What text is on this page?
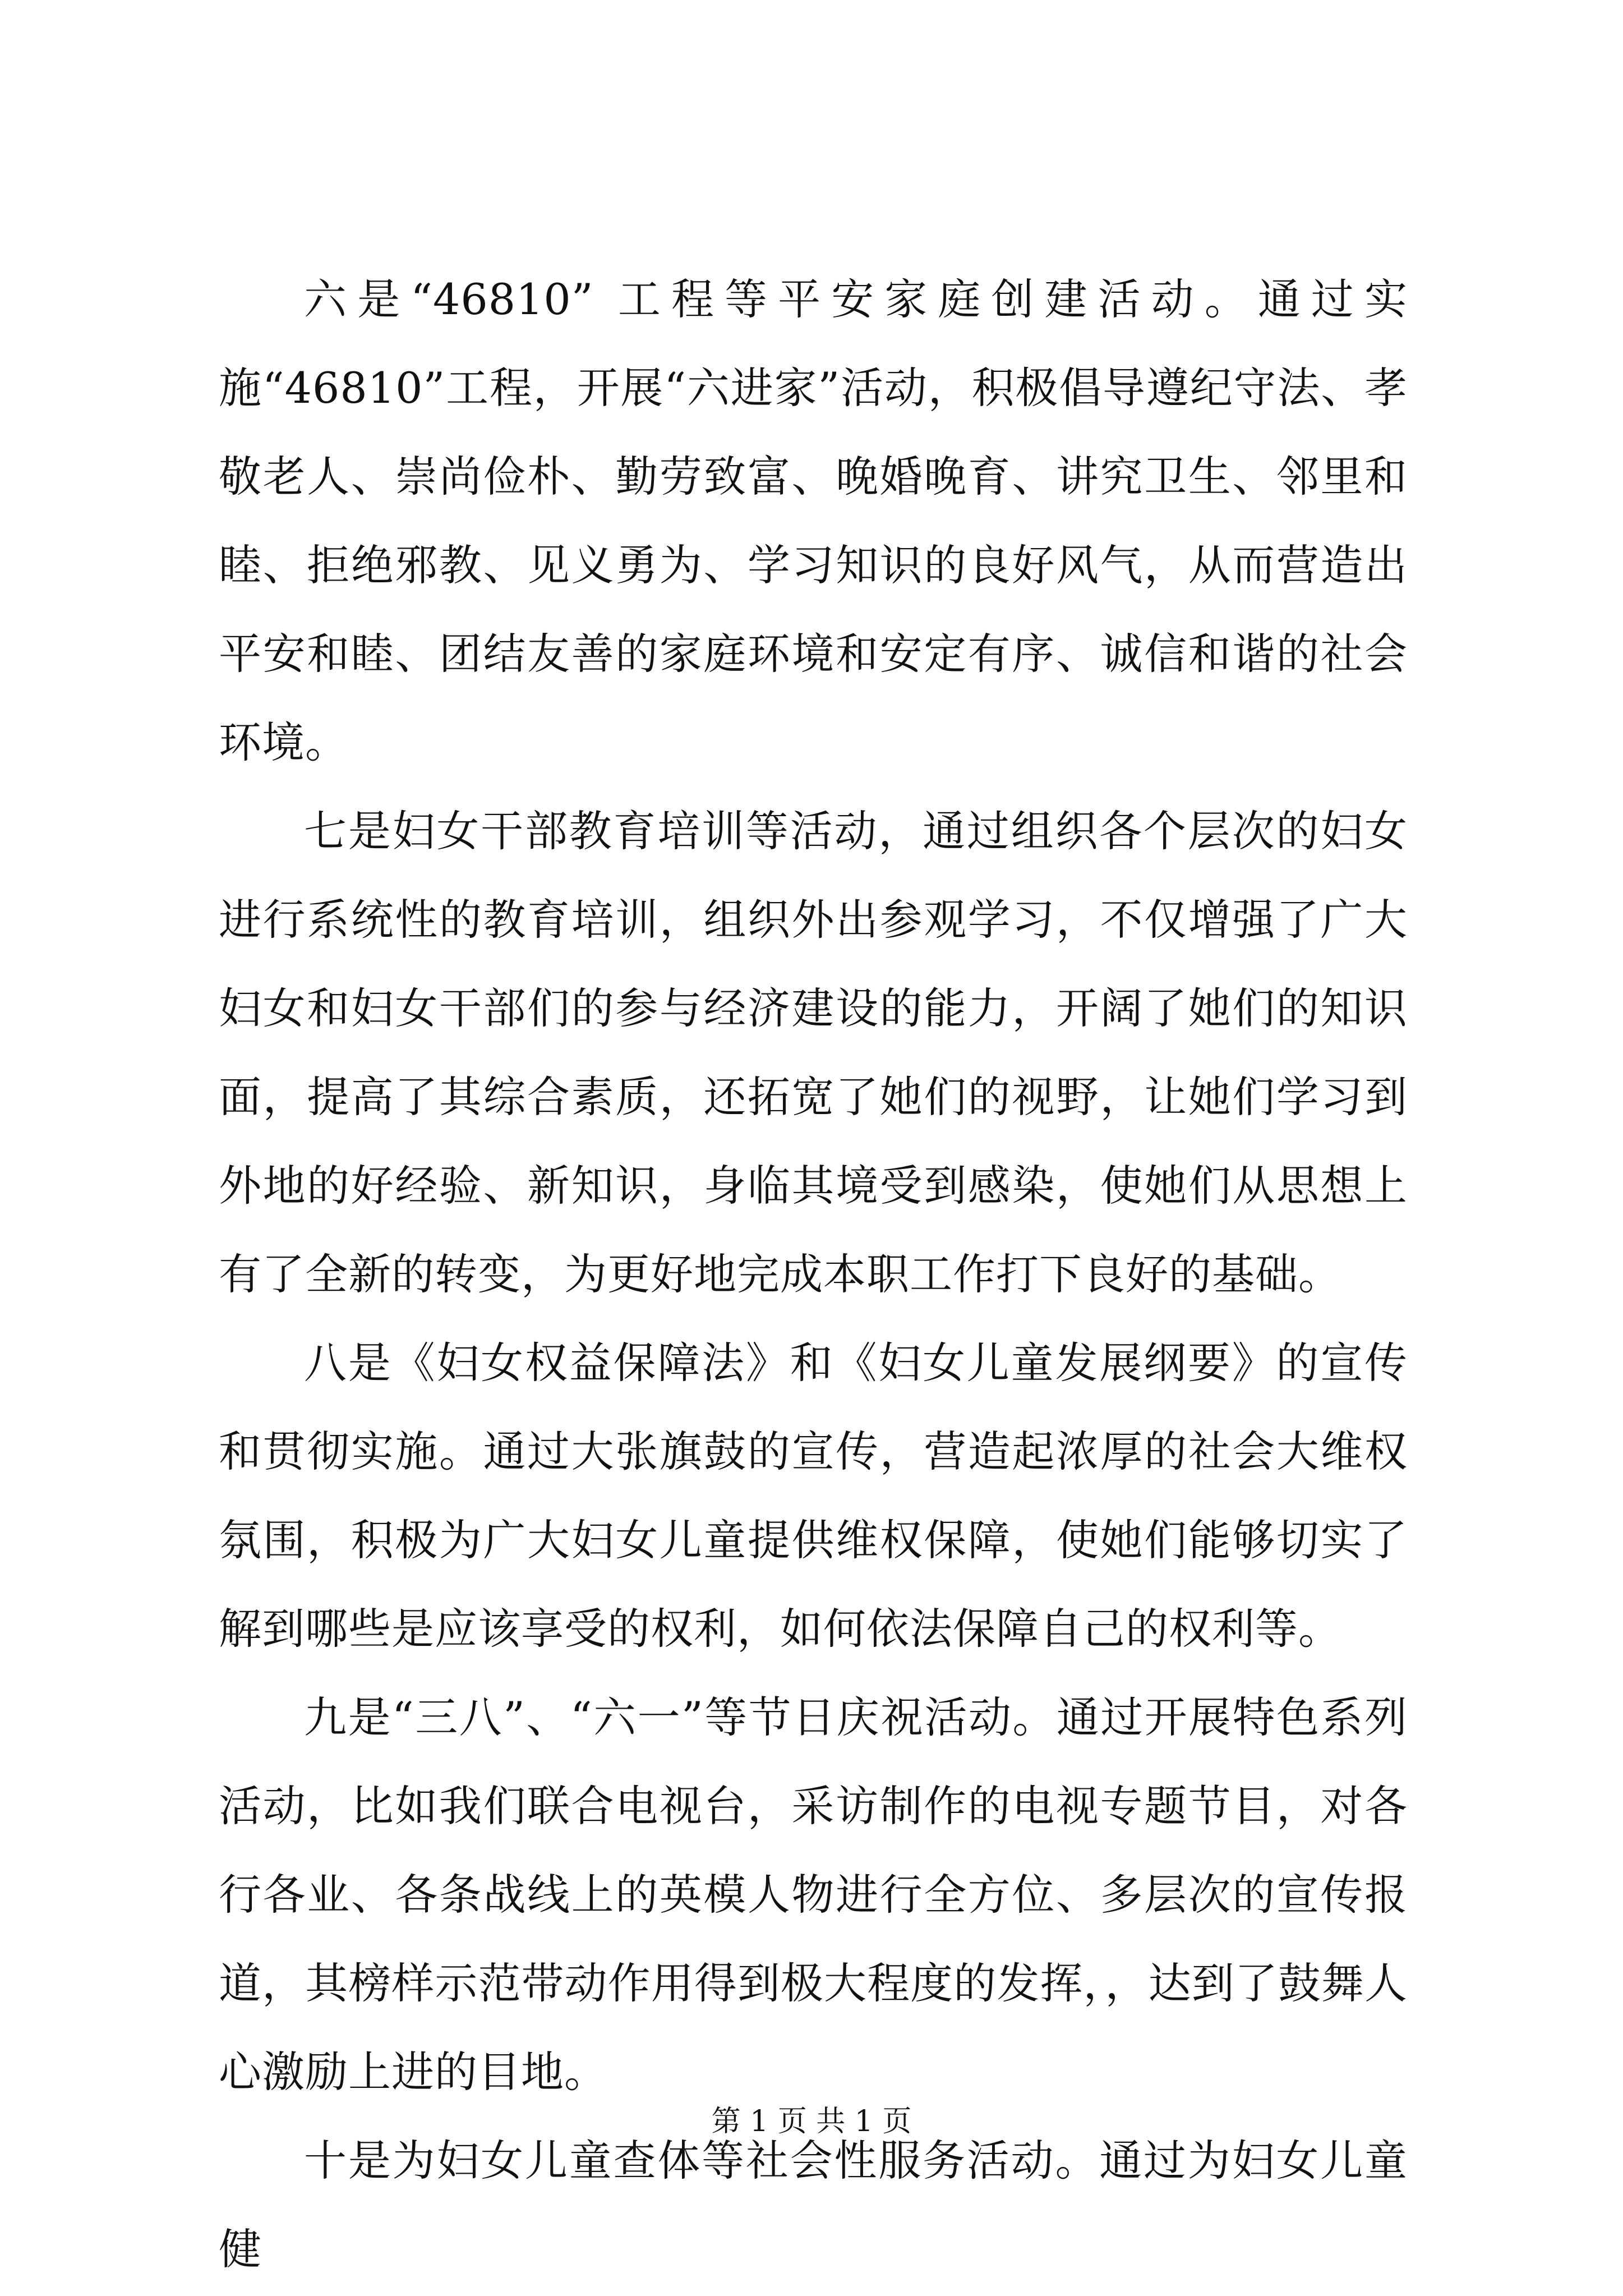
六是“46810” 工程等平安家庭创建活动。通过实施“46810”工程，开展“六进家”活动，积极倡导遵纪守法、孝敬老人、崇尚俭朴、勤劳致富、晚婚晚育、讲究卫生、邻里和睦、拒绝邪教、见义勇为、学习知识的良好风气，从而营造出平安和睦、团结友善的家庭环境和安定有序、诚信和谐的社会环境。

七是妇女干部教育培训等活动，通过组织各个层次的妇女进行系统性的教育培训，组织外出参观学习，不仅增强了广大妇女和妇女干部们的参与经济建设的能力，开阔了她们的知识面，提高了其综合素质，还拓宽了她们的视野，让她们学习到外地的好经验、新知识，身临其境受到感染，使她们从思想上有了全新的转变，为更好地完成本职工作打下良好的基础。

八是《妇女权益保障法》和《妇女儿童发展纲要》的宣传和贯彻实施。通过大张旗鼓的宣传，营造起浓厚的社会大维权氛围，积极为广大妇女儿童提供维权保障，使她们能够切实了解到哪些是应该享受的权利，如何依法保障自己的权利等。

九是“三八”、“六一”等节日庆祝活动。通过开展特色系列活动，比如我们联合电视台，采访制作的电视专题节目，对各行各业、各条战线上的英模人物进行全方位、多层次的宣传报道，其榜样示范带动作用得到极大程度的发挥，，达到了鼓舞人心激励上进的目地。

十是为妇女儿童查体等社会性服务活动。通过为妇女儿童健

第 1 页 共 1 页
